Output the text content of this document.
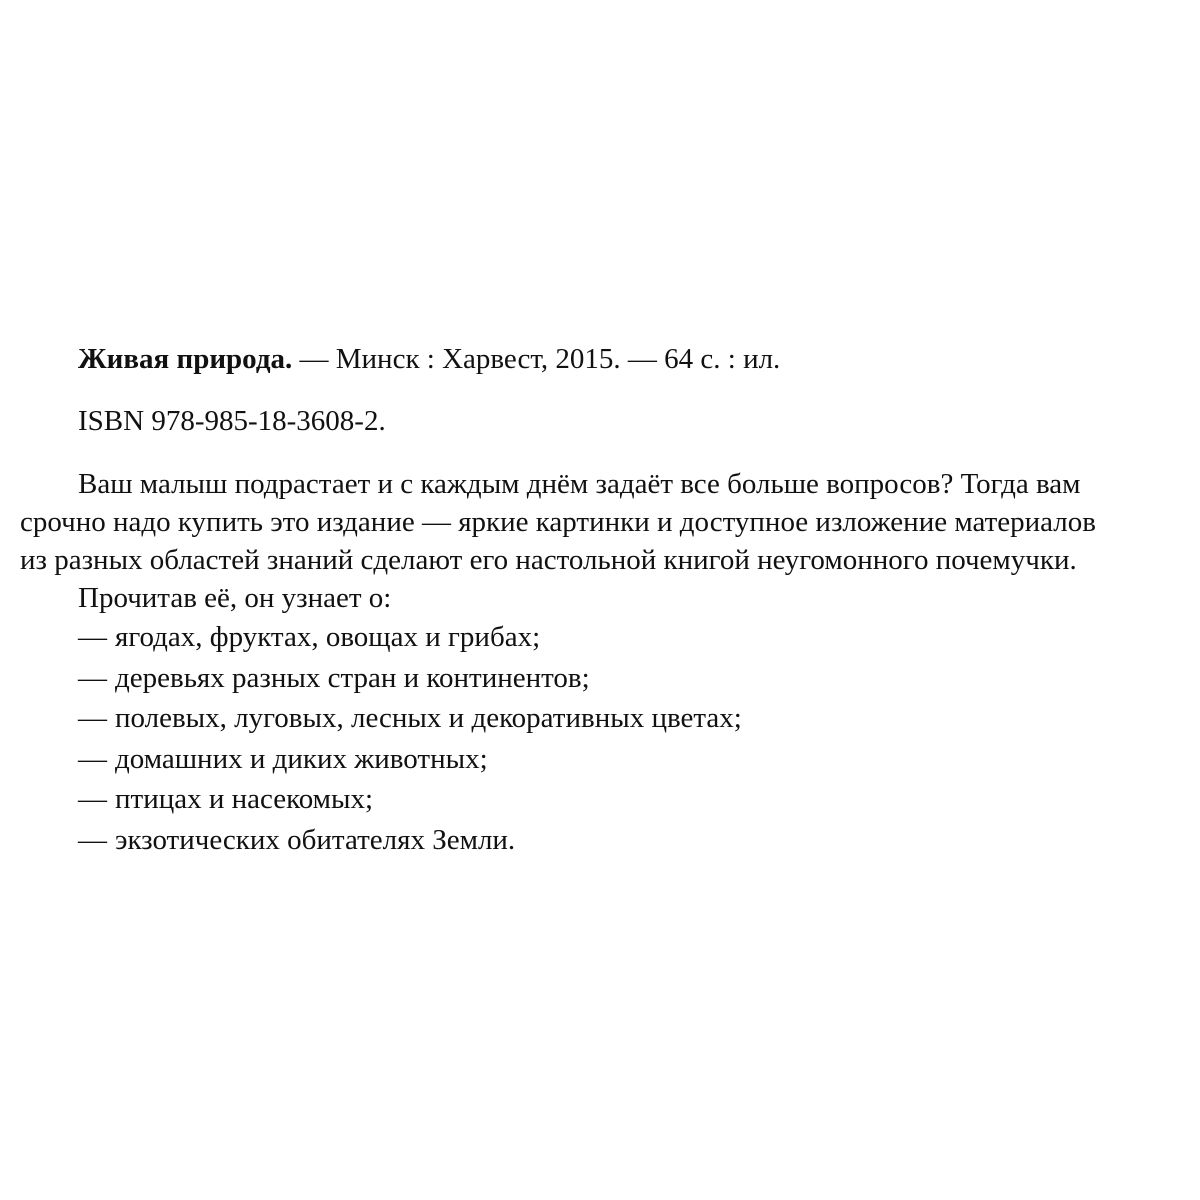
Живая природа. — Минск : Харвест, 2015. — 64 с. : ил.
ISBN 978-985-18-3608-2.
Ваш малыш подрастает и с каждым днём задаёт все больше вопросов? Тогда вам
срочно надо купить это издание — яркие картинки и доступное изложение материалов
из разных областей знаний сделают его настольной книгой неугомонного почемучки.
Прочитав её, он узнает о:
— ягодах, фруктах, овощах и грибах;
— деревьях разных стран и континентов;
— полевых, луговых, лесных и декоративных цветах;
— домашних и диких животных;
— птицах и насекомых;
— экзотических обитателях Земли.
